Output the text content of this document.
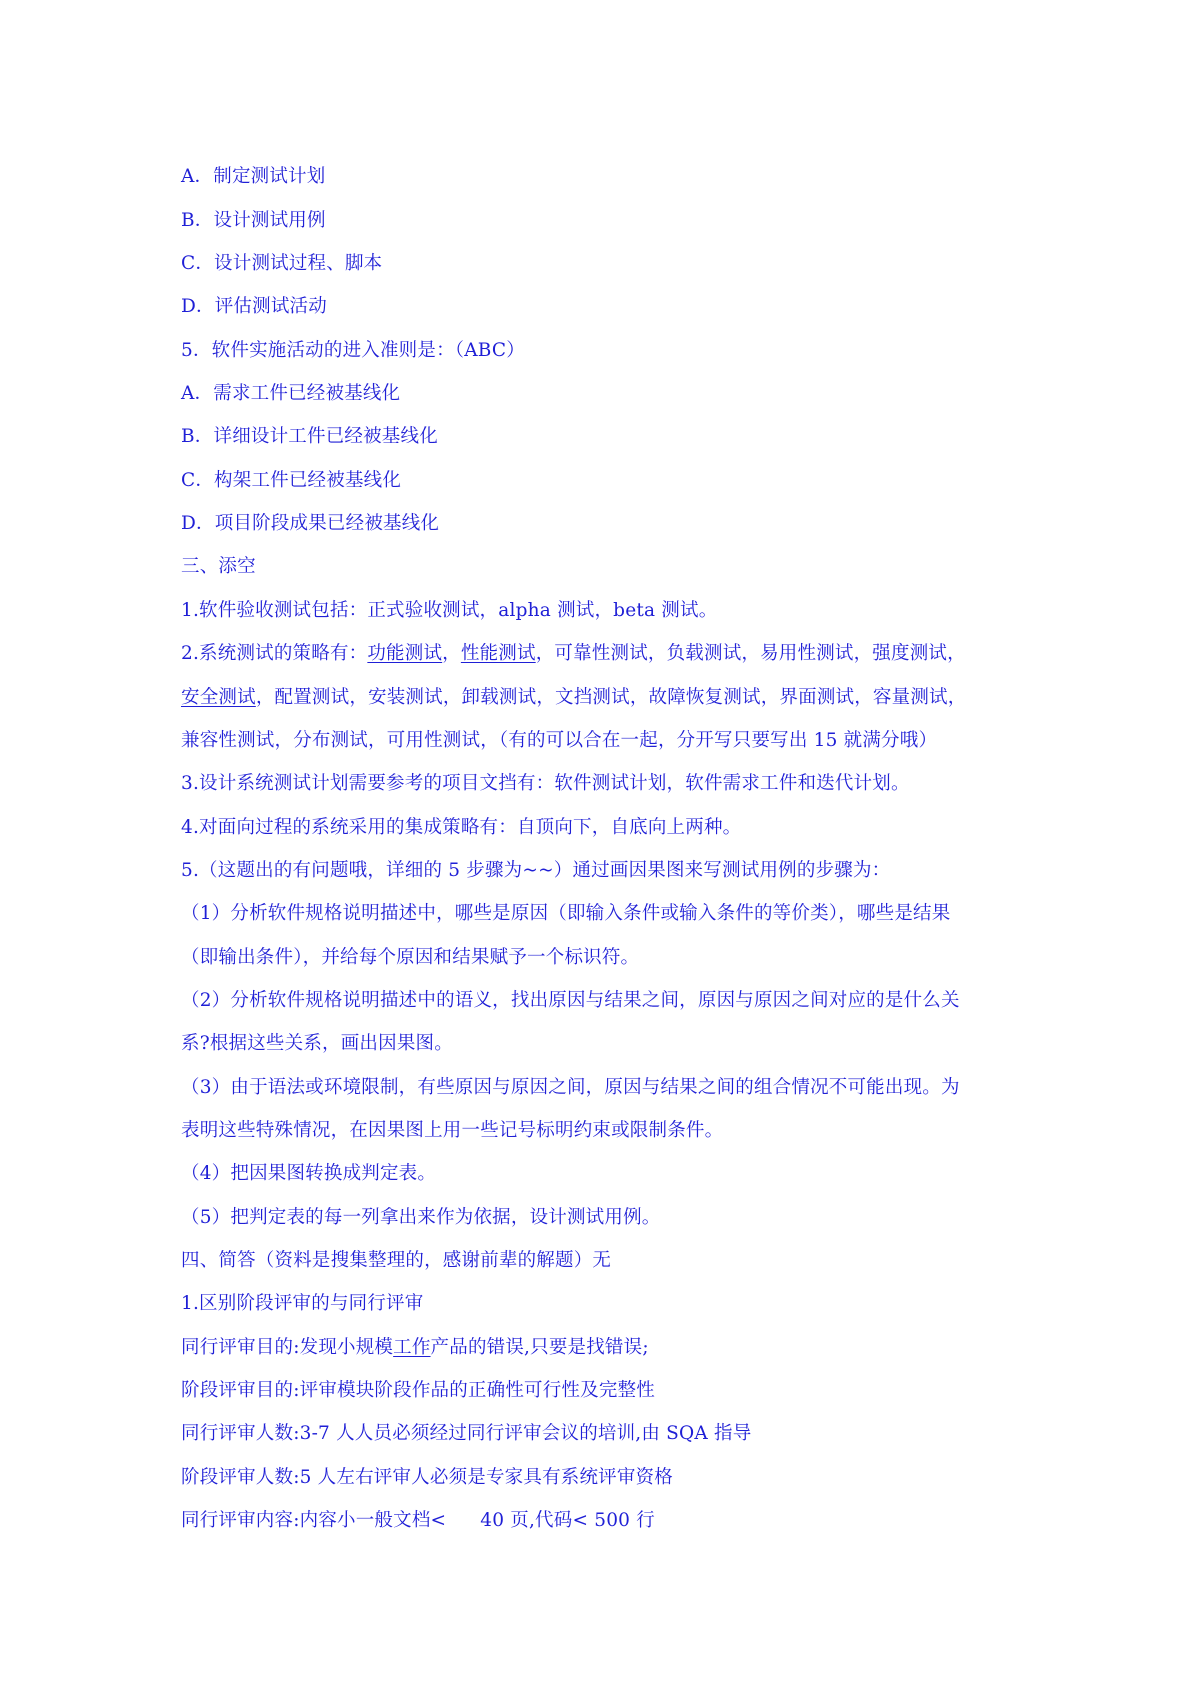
A．制定测试计划
B．设计测试用例
C．设计测试过程、脚本
D．评估测试活动
5．软件实施活动的进入准则是：（ABC）
A．需求工件已经被基线化
B．详细设计工件已经被基线化
C．构架工件已经被基线化
D．项目阶段成果已经被基线化
三、添空
1.软件验收测试包括：正式验收测试，alpha 测试，beta 测试。
2.系统测试的策略有：功能测试，性能测试，可靠性测试，负载测试，易用性测试，强度测试，
安全测试，配置测试，安装测试，卸载测试，文挡测试，故障恢复测试，界面测试，容量测试，
兼容性测试，分布测试，可用性测试，（有的可以合在一起，分开写只要写出 15 就满分哦）
3.设计系统测试计划需要参考的项目文挡有：软件测试计划，软件需求工件和迭代计划。
4.对面向过程的系统采用的集成策略有：自顶向下，自底向上两种。
5.（这题出的有问题哦，详细的 5 步骤为~~）通过画因果图来写测试用例的步骤为：
（1）分析软件规格说明描述中，哪些是原因（即输入条件或输入条件的等价类），哪些是结果
（即输出条件），并给每个原因和结果赋予一个标识符。
（2）分析软件规格说明描述中的语义，找出原因与结果之间，原因与原因之间对应的是什么关
系?根据这些关系，画出因果图。
（3）由于语法或环境限制，有些原因与原因之间，原因与结果之间的组合情况不可能出现。为
表明这些特殊情况，在因果图上用一些记号标明约束或限制条件。
（4）把因果图转换成判定表。
（5）把判定表的每一列拿出来作为依据，设计测试用例。
四、简答（资料是搜集整理的，感谢前辈的解题）无
1.区别阶段评审的与同行评审
同行评审目的:发现小规模工作产品的错误,只要是找错误;
阶段评审目的:评审模块阶段作品的正确性可行性及完整性
同行评审人数:3-7 人人员必须经过同行评审会议的培训,由 SQA 指导
阶段评审人数:5 人左右评审人必须是专家具有系统评审资格
同行评审内容:内容小一般文档< 40 页,代码< 500 行
